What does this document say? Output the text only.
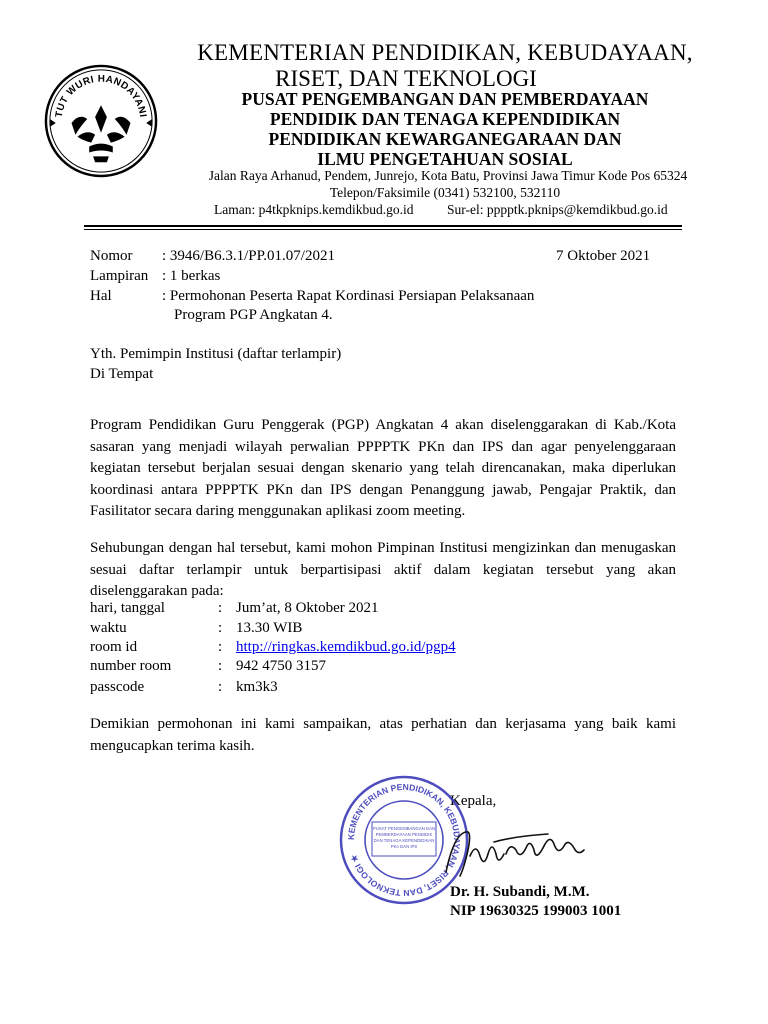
TUT WURI HANDAYANI
KEMENTERIAN PENDIDIKAN, KEBUDAYAAN,
RISET, DAN TEKNOLOGI
PUSAT PENGEMBANGAN DAN PEMBERDAYAAN
PENDIDIK DAN TENAGA KEPENDIDIKAN
PENDIDIKAN KEWARGANEGARAAN DAN
ILMU PENGETAHUAN SOSIAL
Jalan Raya Arhanud, Pendem, Junrejo, Kota Batu, Provinsi Jawa Timur Kode Pos 65324
Telepon/Faksimile (0341) 532100, 532110
Laman: p4tkpknips.kemdikbud.go.id Sur-el: pppptk.pknips@kemdikbud.go.id
Nomor : 3946/B6.3.1/PP.01.07/2021	7 Oktober 2021
Lampiran : 1 berkas
Hal	: Permohonan Peserta Rapat Kordinasi Persiapan Pelaksanaan
Program PGP Angkatan 4.
Yth. Pemimpin Institusi (daftar terlampir)
Di Tempat
Program Pendidikan Guru Penggerak (PGP) Angkatan 4 akan diselenggarakan di Kab./Kota sasaran yang menjadi wilayah perwalian PPPPTK PKn dan IPS dan agar penyelenggaraan kegiatan tersebut berjalan sesuai dengan skenario yang telah direncanakan, maka diperlukan koordinasi antara PPPPTK PKn dan IPS dengan Penanggung jawab, Pengajar Praktik, dan Fasilitator secara daring menggunakan aplikasi zoom meeting.
Sehubungan dengan hal tersebut, kami mohon Pimpinan Institusi mengizinkan dan menugaskan sesuai daftar terlampir untuk berpartisipasi aktif dalam kegiatan tersebut yang akan diselenggarakan pada:
hari, tanggal	: Jum’at, 8 Oktober 2021
waktu	: 13.30 WIB
room id	: http://ringkas.kemdikbud.go.id/pgp4
number room	: 942 4750 3157
passcode	: km3k3
Demikian permohonan ini kami sampaikan, atas perhatian dan kerjasama yang baik kami mengucapkan terima kasih.
Kepala,
KEMENTERIAN PENDIDIKAN, KEBUDAYAAN, RISET, DAN TEKNOLOGI ★
PUSAT PENGEMBANGAN DAN
PEMBERDAYAAN PENDIDIK
DAN TENAGA KEPENDIDIKAN
PKn DAN IPS
Dr. H. Subandi, M.M.
NIP 19630325 199003 1001
